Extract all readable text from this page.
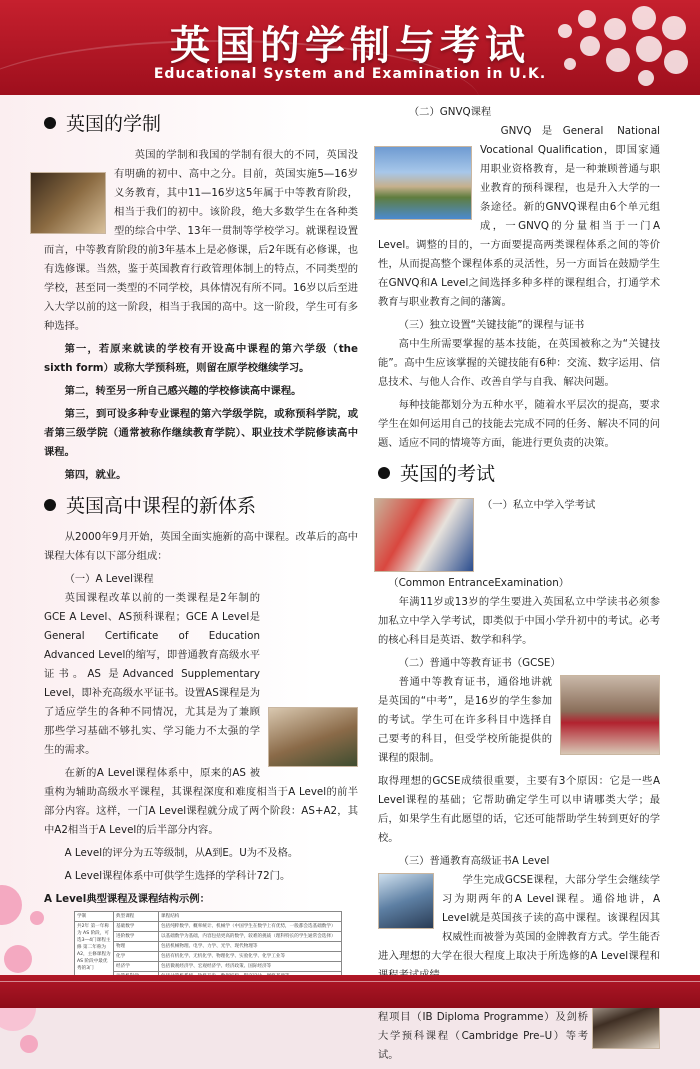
英国的学制与考试
Educational System and Examination in U.K.
英国的学制

英国的学制和我国的学制有很大的不同，英国没有明确的初中、高中之分。目前，英国实施5—16岁义务教育，其中11—16岁这5年属于中等教育阶段，相当于我们的初中。该阶段，绝大多数学生在各种类型的综合中学、13年一贯制等学校学习。就课程设置而言，中等教育阶段的前3年基本上是必修课，后2年既有必修课，也有选修课。当然，鉴于英国教育行政管理体制上的特点，不同类型的学校，甚至同一类型的不同学校，具体情况有所不同。16岁以后至进入大学以前的这一阶段，相当于我国的高中。这一阶段，学生可有多种选择。

第一，若原来就读的学校有开设高中课程的第六学级（the sixth form）或称大学预科班，则留在原学校继续学习。

第二，转至另一所自己感兴趣的学校修读高中课程。

第三，到可设多种专业课程的第六学级学院，或称预科学院，或者第三级学院（通常被称作继续教育学院）、职业技术学院修读高中课程。

第四，就业。

英国高中课程的新体系

从2000年9月开始，英国全面实施新的高中课程。改革后的高中课程大体有以下部分组成：

（一）A Level课程

英国课程改革以前的一类课程是2年制的GCE A Level、AS预科课程；GCE A Level是General Certificate of Education Advanced Level的缩写，即普通教育高级水平证书。AS 是Advanced Supplementary Level，即补充高级水平证书。设置AS课程是为了适应学生的各种不同情况，尤其是为了兼顾那些学习基础不够扎实、学习能力不太强的学生的需求。

在新的A Level课程体系中，原来的AS 被重构为辅助高级水平课程，其课程深度和难度相当于A Level的前半部分内容。这样，一门A Level课程就分成了两个阶段：AS+A2，其中A2相当于A Level的后半部分内容。

A Level的评分为五等级制，从A到E。U为不及格。

A Level课程体系中可供学生选择的学科计72门。

A Level典型课程及课程结构示例：
学制	典型课程	课程结构
共2年 第一年称为 AS 阶段，可选3—4门课程主修 第二年称为A2，主修课程为 AS 阶段中最优秀的3门	基础数学	包括纯粹数学、概率统计、机械学（中国学生在数学上有优势，一般都会选基础数学）
	进阶数学	以基础数学为基础，内容包括更高的数学，较难的挑战（理科特长的学生通常会选择）
	物理	包括机械物理、电学、力学、光学、现代物理等
	化学	包括有机化学、无机化学、物理化学、实验化学、化学工业等
	经济学	包括微观经济学、宏观经济学、经济政策、国际经济等

（二）GNVQ课程

GNVQ是General National Vocational Qualification，即国家通用职业资格教育，是一种兼顾普通与职业教育的预科课程，也是升入大学的一条途径。新的GNVQ课程由6个单元组成，一GNVQ的分量相当于一门A Level。调整的目的，一方面要提高两类课程体系之间的等价性，从而提高整个课程体系的灵活性，另一方面旨在鼓励学生在GNVQ和A Level之间选择多种多样的课程组合，打通学术教育与职业教育之间的藩篱。

（三）独立设置“关键技能”的课程与证书

高中生所需要掌握的基本技能，在英国被称之为“关键技能”。高中生应该掌握的关键技能有6种：交流、数字运用、信息技术、与他人合作、改善自学与自我、解决问题。

每种技能都划分为五种水平，随着水平层次的提高，要求学生在如何运用自己的技能去完成不同的任务、解决不同的问题、适应不同的情境等方面，能进行更负责的决策。

英国的考试
（一）私立中学入学考试
（Common EntranceExamination）

年满11岁或13岁的学生要进入英国私立中学读书必须参加私立中学入学考试，即类似于中国小学升初中的考试。必考的核心科目是英语、数学和科学。

（二）普通中等教育证书（GCSE）

普通中等教育证书，通俗地讲就是英国的“中考”，是16岁的学生参加的考试。学生可在许多科目中选择自己要考的科目，但受学校所能提供的课程的限制。

取得理想的GCSE成绩很重要，主要有3个原因：它是一些A Level课程的基础；它帮助确定学生可以申请哪类大学；最后，如果学生有此愿望的话，它还可能帮助学生转到更好的学校。

（三）普通教育高级证书A Level

学生完成GCSE课程，大部分学生会继续学习为期两年的A Level课程。通俗地讲，A Level就是英国孩子读的高中课程。该课程因其权威性而被誉为英国的金牌教育方式。学生能否进入理想的大学在很大程度上取决于所选修的A Level课程和

程项目（IB Diploma Programme）及剑桥大学预科课程（Cambridge Pre–U）等考试。
